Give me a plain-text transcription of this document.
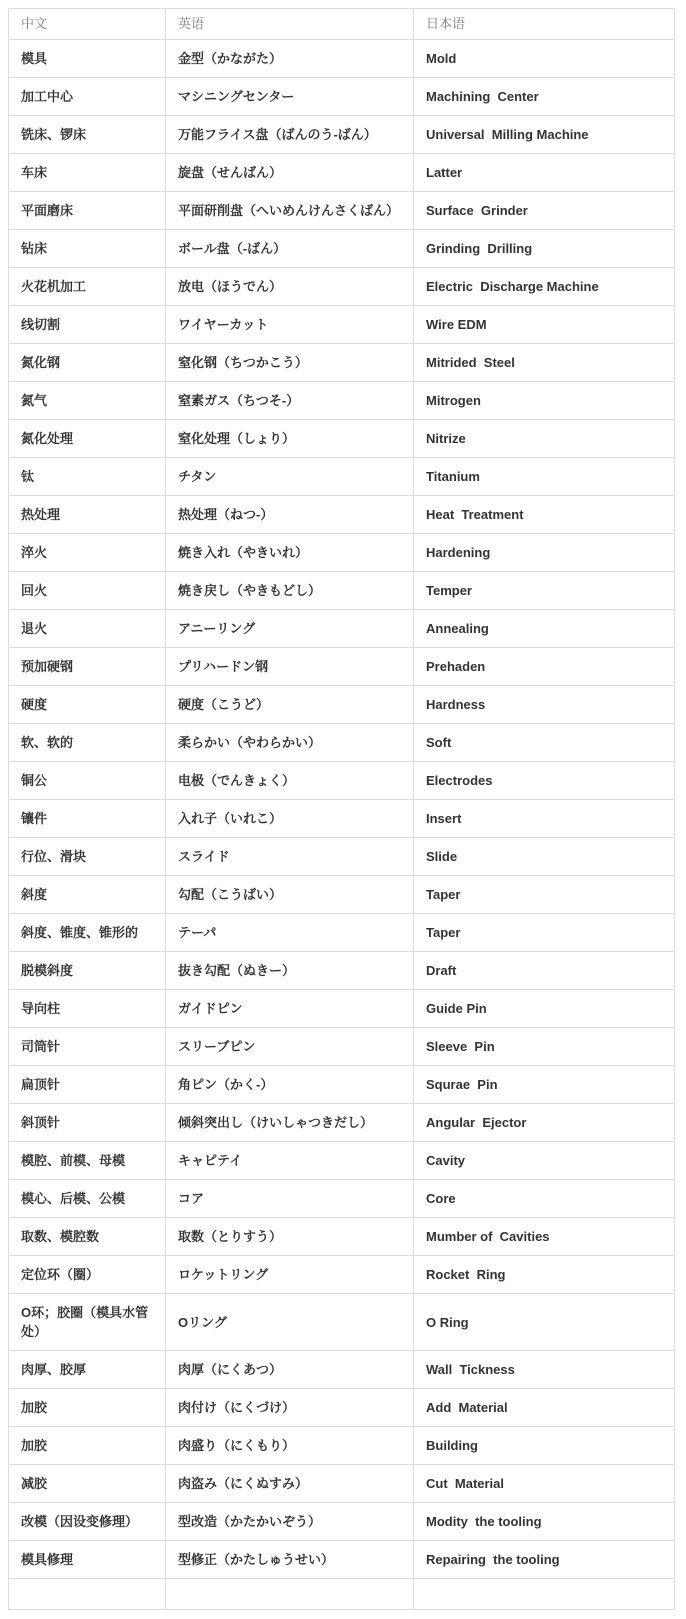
中文	英语	日本语
模具	金型（かながた）	Mold
加工中心	マシニングセンター	Machining  Center
铣床、锣床	万能フライス盘（ばんのう-ばん）	Universal  Milling Machine
车床	旋盘（せんばん）	Latter
平面磨床	平面研削盘（へいめんけんさくばん）	Surface  Grinder
钻床	ボール盘（-ばん）	Grinding  Drilling
火花机加工	放电（ほうでん）	Electric  Discharge Machine
线切割	ワイヤーカット	Wire EDM
氮化钢	窒化钢（ちつかこう）	Mitrided  Steel
氮气	窒素ガス（ちつそ-）	Mitrogen
氮化处理	窒化处理（しょり）	Nitrize
钛	チタン	Titanium
热处理	热处理（ねつ-）	Heat  Treatment
淬火	焼き入れ（やきいれ）	Hardening
回火	焼き戻し（やきもどし）	Temper
退火	アニーリング	Annealing
预加硬钢	プリハードン钢	Prehaden
硬度	硬度（こうど）	Hardness
软、软的	柔らかい（やわらかい）	Soft
铜公	电极（でんきょく）	Electrodes
镶件	入れ子（いれこ）	Insert
行位、滑块	スライド	Slide
斜度	勾配（こうばい）	Taper
斜度、锥度、锥形的	テーパ	Taper
脱模斜度	抜き勾配（ぬきー）	Draft
导向柱	ガイドピン	Guide Pin
司筒针	スリーブピン	Sleeve  Pin
扁顶针	角ピン（かく-）	Squrae  Pin
斜顶针	倾斜突出し（けいしゃつきだし）	Angular  Ejector
模腔、前模、母模	キャピテイ	Cavity
模心、后模、公模	コア	Core
取数、模腔数	取数（とりすう）	Mumber of  Cavities
定位环（圈）	ロケットリング	Rocket  Ring
O环；胶圈（模具水管处）	Oリング	O Ring
肉厚、胶厚	肉厚（にくあつ）	Wall  Tickness
加胶	肉付け（にくづけ）	Add  Material
加胶	肉盛り（にくもり）	Building
减胶	肉盗み（にくぬすみ）	Cut  Material
改模（因设变修理）	型改造（かたかいぞう）	Modity  the tooling
模具修理	型修正（かたしゅうせい）	Repairing  the tooling
